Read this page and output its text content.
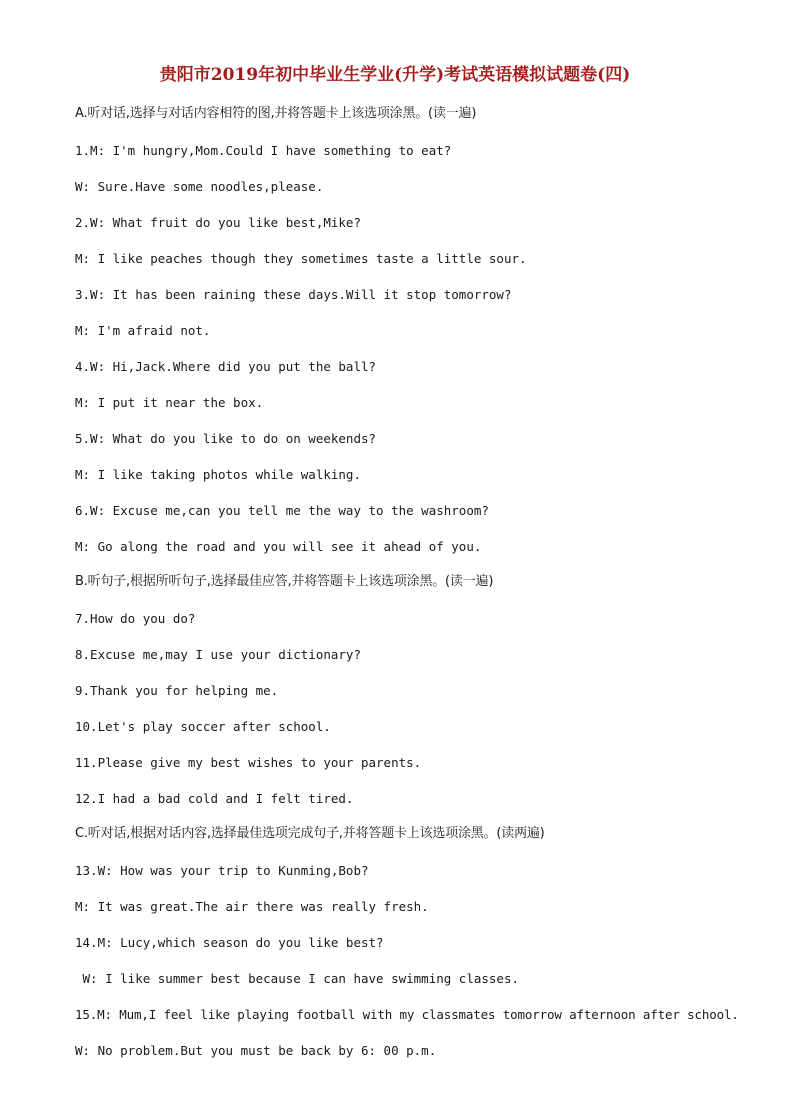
贵阳市2019年初中毕业生学业(升学)考试英语模拟试题卷(四)
A.听对话,选择与对话内容相符的图,并将答题卡上该选项涂黑。(读一遍)
1.M: I'm hungry,Mom.Could I have something to eat?
W: Sure.Have some noodles,please.
2.W: What fruit do you like best,Mike?
M: I like peaches though they sometimes taste a little sour.
3.W: It has been raining these days.Will it stop tomorrow?
M: I'm afraid not.
4.W: Hi,Jack.Where did you put the ball?
M: I put it near the box.
5.W: What do you like to do on weekends?
M: I like taking photos while walking.
6.W: Excuse me,can you tell me the way to the washroom?
M: Go along the road and you will see it ahead of you.
B.听句子,根据所听句子,选择最佳应答,并将答题卡上该选项涂黑。(读一遍)
7.How do you do?
8.Excuse me,may I use your dictionary?
9.Thank you for helping me.
10.Let's play soccer after school.
11.Please give my best wishes to your parents.
12.I had a bad cold and I felt tired.
C.听对话,根据对话内容,选择最佳选项完成句子,并将答题卡上该选项涂黑。(读两遍)
13.W: How was your trip to Kunming,Bob?
M: It was great.The air there was really fresh.
14.M: Lucy,which season do you like best?
W: I like summer best because I can have swimming classes.
15.M: Mum,I feel like playing football with my classmates tomorrow afternoon after school.
W: No problem.But you must be back by 6: 00 p.m.
